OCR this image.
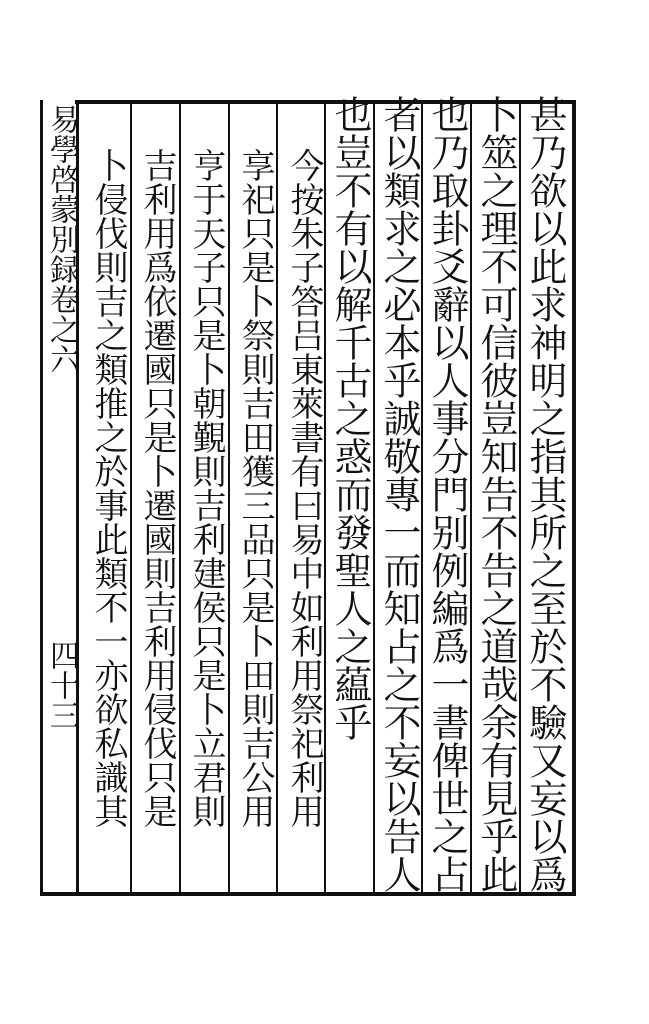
易學啓蒙別録卷之六
四十三	甚乃欲以此求神明之指其所之至於不驗又妄以爲
卜筮之理不可信彼豈知告不告之道哉余有見乎此
也乃取卦爻辭以人事分門别例編爲一書俾世之占
者以類求之必本乎誠敬專一而知占之不妄以告人
也豈不有以解千古之惑而發聖人之藴乎
今按朱子答吕東萊書有曰易中如利用祭祀利用
享祀只是卜祭則吉田獲三品只是卜田則吉公用
亨于天子只是卜朝覲則吉利建侯只是卜立君則
吉利用爲依遷國只是卜遷國則吉利用侵伐只是
卜侵伐則吉之類推之於事此類不一亦欲私識其
